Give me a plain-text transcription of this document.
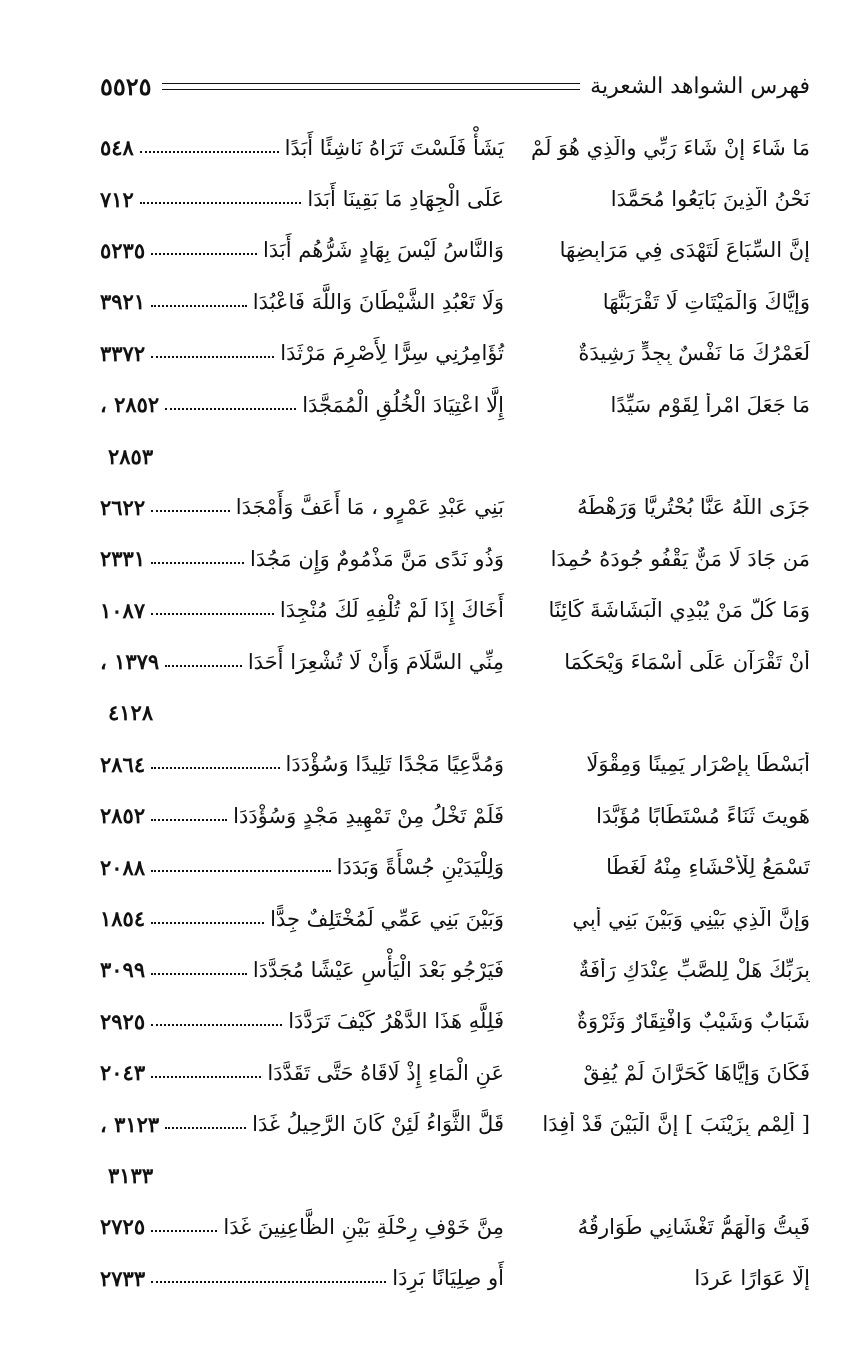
فهرس الشواهد الشعرية
٥٥٢٥
مَا شَاءَ إِنْ شَاءَ رَبِّي والَّذِي هُوَ لَمْ
يَشَأْ فَلَسْتَ تَرَاهُ نَاشِئًا أَبَدًا
٥٤٨
نَحْنُ الَّذِينَ بَايَعُوا مُحَمَّدَا
عَلَى الْجِهَادِ مَا بَقِينَا أَبَدَا
٧١٢
إِنَّ السِّبَاعَ لَتَهْدَى فِي مَرَابِضِهَا
وَالنَّاسُ لَيْسَ بِهَادٍ شَرُّهُم أَبَدَا
٥٢٣٥
وَإِيَّاكَ وَالْمَيْتَاتِ لَا تَقْرَبَنَّهَا
وَلَا تَعْبُدِ الشَّيْطَانَ وَاللَّهَ فَاعْبُدَا
٣٩٢١
لَعَمْرُكَ مَا نَفْسٌ بِجِدٍّ رَشِيدَةٌ
تُؤَامِرُنِي سِرًّا لِأَصْرِمَ مَرْثَدَا
٣٣٧٢
مَا جَعَلَ امْرأً لِقَوْمٍ سَيِّدًا
إِلَّا اعْتِيَادَ الْخُلُقِ الْمُمَجَّدَا
٢٨٥٢ ،
٢٨٥٣
جَزَى اللَّهُ عَنَّا بُحْتُرِيًّا وَرَهْطَهُ
بَنِي عَبْدِ عَمْرٍو ، مَا أَعَفَّ وَأَمْجَدَا
٢٦٢٢
مَن جَادَ لَا مَنٌّ يَقْفُو جُودَهُ حُمِدَا
وَذُو نَدًى مَنَّ مَذْمُومٌ وَإِن مَجُدَا
٢٣٣١
وَمَا كُلُّ مَنْ يُبْدِي الْبَشَاشَةَ كَائِنًا
أَخَاكَ إِذَا لَمْ تُلْفِهِ لَكَ مُنْجِدَا
١٠٨٧
أَنْ تَقْرَآنِ عَلَى أَسْمَاءَ وَيْحَكُمَا
مِنِّي السَّلَامَ وَأَنْ لَا تُشْعِرَا أَحَدَا
١٣٧٩ ،
٤١٢٨
أَبَسْطًا بِإِصْرَارٍ يَمِينًا وَمِقْوَلًا
وَمُدَّعِيًا مَجْدًا تَلِيدًا وَسُؤْدَدَا
٢٨٦٤
هَوِيتَ ثَنَاءً مُسْتَطَابًا مُؤَبَّدَا
فَلَمْ تَخْلُ مِنْ تَمْهِيدِ مَجْدٍ وَسُؤْدَدَا
٢٨٥٢
تَسْمَعُ لِلْأَحْشَاءِ مِنْهُ لَغَطًا
وَلِلْيَدَيْنِ جُسْأَةً وَبَدَدَا
٢٠٨٨
وَإِنَّ الَّذِي بَيْنِي وَبَيْنَ بَنِي أَبِي
وَبَيْنَ بَنِي عَمِّي لَمُخْتَلِفٌ جِدًّا
١٨٥٤
بِرَبِّكَ هَلْ لِلصَّبِّ عِنْدَكِ رَأْفَةٌ
فَيَرْجُو بَعْدَ الْيَأْسِ عَيْشًا مُجَدَّدَا
٣٠٩٩
شَبَابٌ وَشَيْبٌ وَافْتِقَارٌ وَثَرْوَةٌ
فَلِلَّهِ هَذَا الدَّهْرُ كَيْفَ تَرَدَّدَا
٢٩٢٥
فَكَانَ وَإِيَّاهَا كَحَرَّانَ لَمْ يُفِقْ
عَنِ الْمَاءِ إِذْ لَاقَاهُ حَتَّى تَقَدَّدَا
٢٠٤٣
[ أَلِمْمِ بِزَيْنَبَ ] إِنَّ الْبَيْنَ قَدْ أَفِدَا
قَلَّ الثَّوَاءُ لَئِنْ كَانَ الرَّحِيلُ غَدَا
٣١٢٣ ،
٣١٣٣
فَبِتُّ وَالْهَمُّ تَغْشَانِي طَوَارِقُهُ
مِنَّ خَوْفِ رِحْلَةِ بَيْنِ الظَّاعِنِينَ غَدَا
٢٧٢٥
إِلَّا عَوَارًا عَرِدَا
أَو صِلِيَانًا بَرِدَا
٢٧٣٣
